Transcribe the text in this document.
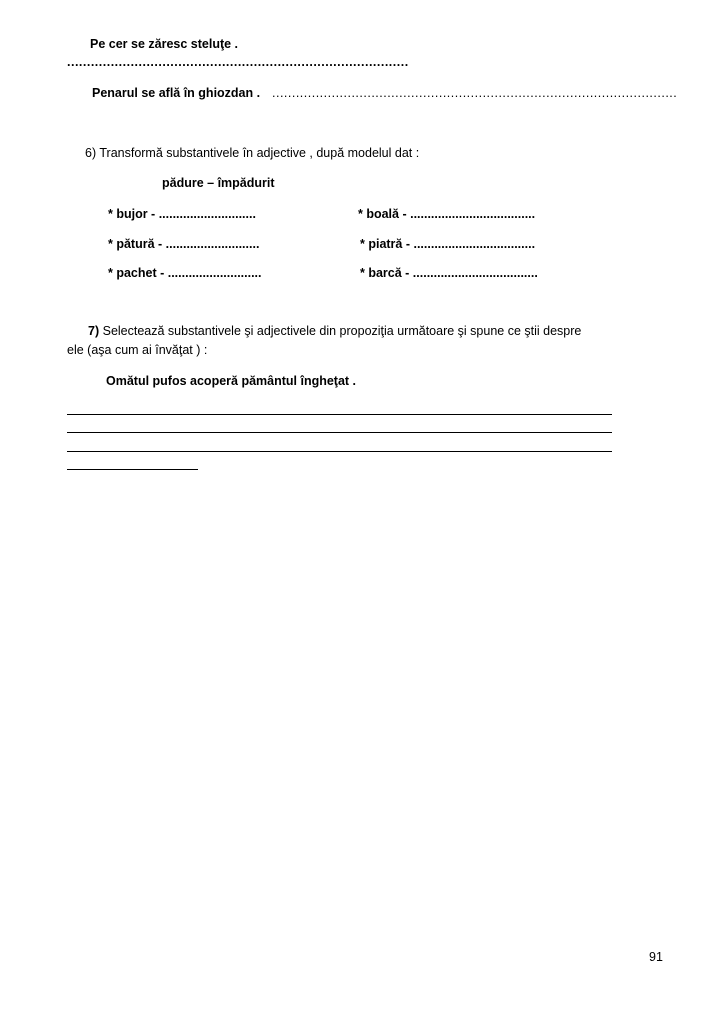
Pe cer se zăresc steluţe .
......................................................................................
Penarul se află în ghiozdan . ......................................................................................................
6) Transformă substantivele în adjective , după modelul dat :
pădure – împădurit
* bujor - ............................	* boală - ....................................
* pătură - ...........................	* piatră - ...................................
* pachet - ...........................	* barcă - ....................................
7) Selectează substantivele şi adjectivele din propoziţia următoare şi spune ce ştii despre
ele (aşa cum ai învăţat ) :
Omătul pufos acoperă pământul îngheţat .
91
